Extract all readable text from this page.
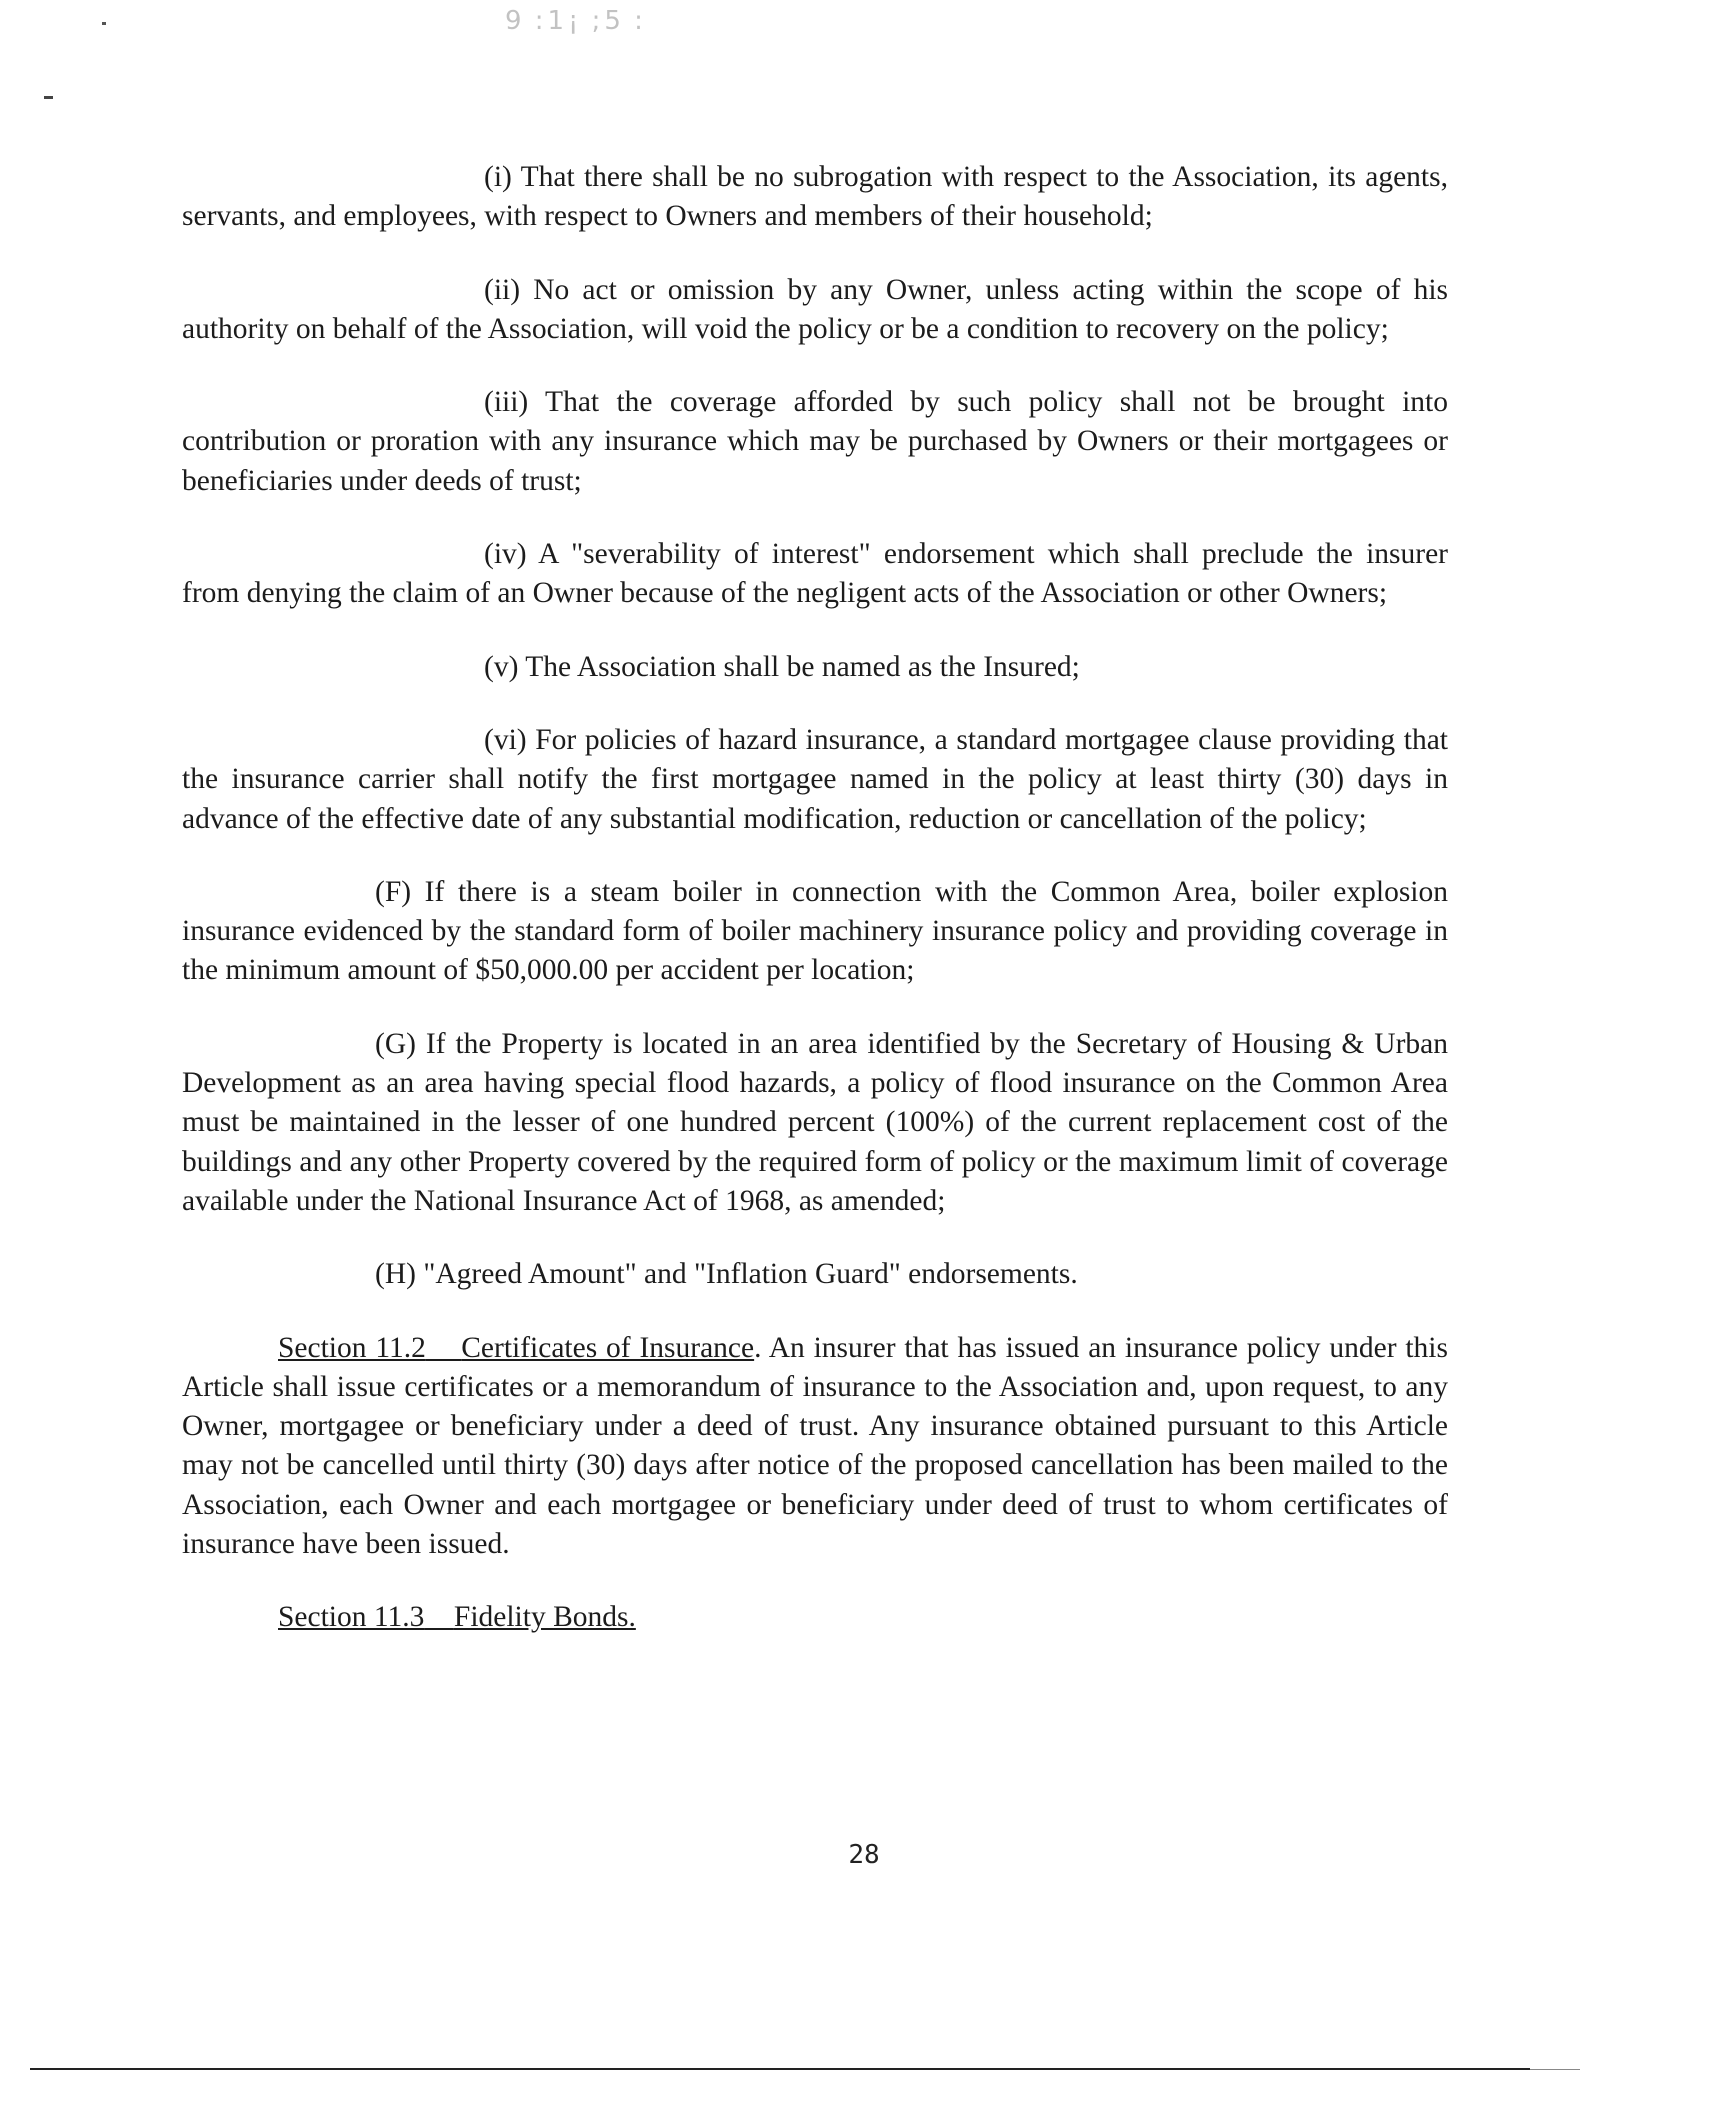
9 :1¡ ;5 :

(i) That there shall be no subrogation with respect to the Association, its agents, servants, and employees, with respect to Owners and members of their household;

(ii) No act or omission by any Owner, unless acting within the scope of his authority on behalf of the Association, will void the policy or be a condition to recovery on the policy;

(iii) That the coverage afforded by such policy shall not be brought into contribution or proration with any insurance which may be purchased by Owners or their mortgagees or beneficiaries under deeds of trust;

(iv) A "severability of interest" endorsement which shall preclude the insurer from denying the claim of an Owner because of the negligent acts of the Association or other Owners;

(v) The Association shall be named as the Insured;

(vi) For policies of hazard insurance, a standard mortgagee clause providing that the insurance carrier shall notify the first mortgagee named in the policy at least thirty (30) days in advance of the effective date of any substantial modification, reduction or cancellation of the policy;

(F) If there is a steam boiler in connection with the Common Area, boiler explosion insurance evidenced by the standard form of boiler machinery insurance policy and providing coverage in the minimum amount of $50,000.00 per accident per location;

(G) If the Property is located in an area identified by the Secretary of Housing & Urban Development as an area having special flood hazards, a policy of flood insurance on the Common Area must be maintained in the lesser of one hundred percent (100%) of the current replacement cost of the buildings and any other Property covered by the required form of policy or the maximum limit of coverage available under the National Insurance Act of 1968, as amended;

(H) "Agreed Amount" and "Inflation Guard" endorsements.

Section 11.2 Certificates of Insurance. An insurer that has issued an insurance policy under this Article shall issue certificates or a memorandum of insurance to the Association and, upon request, to any Owner, mortgagee or beneficiary under a deed of trust. Any insurance obtained pursuant to this Article may not be cancelled until thirty (30) days after notice of the proposed cancellation has been mailed to the Association, each Owner and each mortgagee or beneficiary under deed of trust to whom certificates of insurance have been issued.

Section 11.3 Fidelity Bonds.

28
